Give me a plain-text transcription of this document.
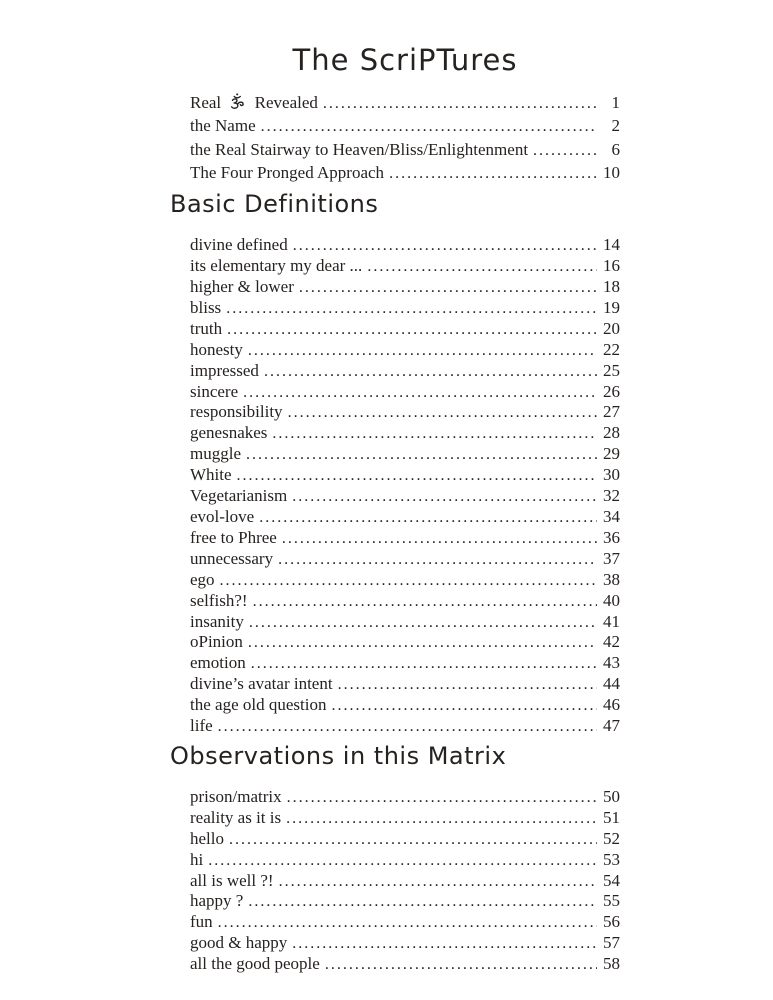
The ScriPTures
Real  Revealed .....	1
the Name .....	2
the Real Stairway to Heaven/Bliss/Enlightenment .....	6
The Four Pronged Approach .....	10
Basic Definitions
divine defined .....	14
its elementary my dear ... .....	16
higher & lower .....	18
bliss .....	19
truth .....	20
honesty .....	22
impressed .....	25
sincere .....	26
responsibility .....	27
genesnakes .....	28
muggle .....	29
White .....	30
Vegetarianism .....	32
evol-love .....	34
free to Phree .....	36
unnecessary .....	37
ego .....	38
selfish?! .....	40
insanity .....	41
oPinion .....	42
emotion .....	43
divine’s avatar intent .....	44
the age old question .....	46
life .....	47
Observations in this Matrix
prison/matrix .....	50
reality as it is .....	51
hello .....	52
hi .....	53
all is well ?! .....	54
happy ? .....	55
fun .....	56
good & happy .....	57
all the good people .....	58
